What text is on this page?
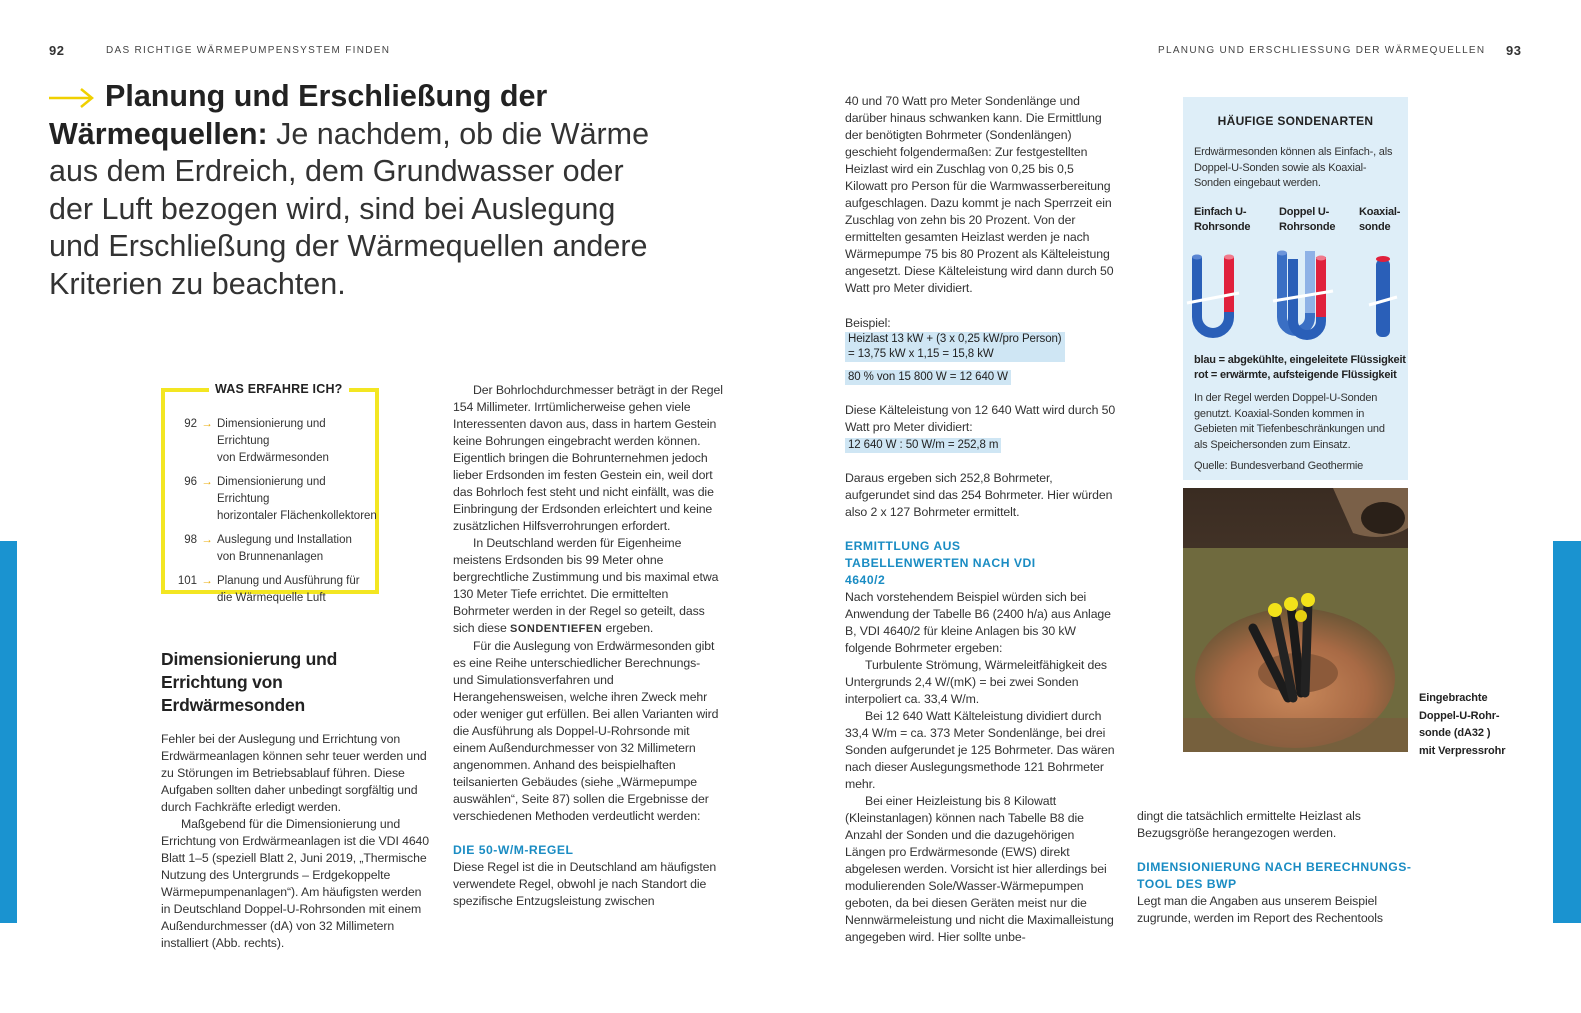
92	DAS RICHTIGE WÄRMEPUMPENSYSTEM FINDEN	PLANUNG UND ERSCHLIESSUNG DER WÄRMEQUELLEN 93
Planung und Erschließung der Wärmequellen: Je nachdem, ob die Wärme aus dem Erdreich, dem Grundwasser oder der Luft bezogen wird, sind bei Auslegung und Erschließung der Wärmequellen andere Kriterien zu beachten.
WAS ERFAHRE ICH?
92 → Dimensionierung und Errichtung
von Erdwärmesonden
96 → Dimensionierung und Errichtung
horizontaler Flächenkollektoren
98 → Auslegung und Installation
von Brunnenanlagen
101 → Planung und Ausführung für
die Wärmequelle Luft
Dimensionierung und Errichtung von Erdwärmesonden

Fehler bei der Auslegung und Errichtung von Erdwärmeanlagen können sehr teuer werden und zu Störungen im Betriebsablauf führen. Diese Aufgaben sollten daher unbedingt sorgfältig und durch Fachkräfte erledigt werden.

Maßgebend für die Dimensionierung und Errichtung von Erdwärmeanlagen ist die VDI 4640 Blatt 1–5 (speziell Blatt 2, Juni 2019, „Thermische Nutzung des Untergrunds – Erdgekoppelte Wärmepumpenanlagen“). Am häufigsten werden in Deutschland Doppel-U-Rohrsonden mit einem Außendurchmesser (dA) von 32 Millimetern installiert (Abb. rechts).

Der Bohrlochdurchmesser beträgt in der Regel 154 Millimeter. Irrtümlicherweise gehen viele Interessenten davon aus, dass in hartem Gestein keine Bohrungen eingebracht werden können. Eigentlich bringen die Bohrunternehmen jedoch lieber Erdsonden im festen Gestein ein, weil dort das Bohrloch fest steht und nicht einfällt, was die Einbringung der Erdsonden erleichtert und keine zusätzlichen Hilfsverrohrungen erfordert.

In Deutschland werden für Eigenheime meistens Erdsonden bis 99 Meter ohne bergrechtliche Zustimmung und bis maximal etwa 130 Meter Tiefe errichtet. Die ermittelten Bohrmeter werden in der Regel so geteilt, dass sich diese SONDENTIEFEN ergeben.

Für die Auslegung von Erdwärmesonden gibt es eine Reihe unterschiedlicher Berechnungs- und Simulationsverfahren und Herangehensweisen, welche ihren Zweck mehr oder weniger gut erfüllen. Bei allen Varianten wird die Ausführung als Doppel-U-Rohrsonde mit einem Außendurchmesser von 32 Millimetern angenommen. Anhand des beispielhaften teilsanierten Gebäudes (siehe „Wärmepumpe auswählen“, Seite 87) sollen die Ergebnisse der verschiedenen Methoden verdeutlicht werden:

DIE 50-W/M-REGEL

Diese Regel ist die in Deutschland am häufigsten verwendete Regel, obwohl je nach Standort die spezifische Entzugsleistung zwischen

40 und 70 Watt pro Meter Sondenlänge und darüber hinaus schwanken kann. Die Ermittlung der benötigten Bohrmeter (Sondenlängen) geschieht folgendermaßen: Zur festgestellten Heizlast wird ein Zuschlag von 0,25 bis 0,5 Kilowatt pro Person für die Warmwasserbereitung aufgeschlagen. Dazu kommt je nach Sperrzeit ein Zuschlag von zehn bis 20 Prozent. Von der ermittelten gesamten Heizlast werden je nach Wärmepumpe 75 bis 80 Prozent als Kälteleistung angesetzt. Diese Kälteleistung wird dann durch 50 Watt pro Meter dividiert.

Beispiel:

Heizlast 13 kW + (3 x 0,25 kW/pro Person)
= 13,75 kW x 1,15 = 15,8 kW
80 % von 15 800 W = 12 640 W

Diese Kälteleistung von 12 640 Watt wird durch 50 Watt pro Meter dividiert:

12 640 W : 50 W/m = 252,8 m

Daraus ergeben sich 252,8 Bohrmeter, aufgerundet sind das 254 Bohrmeter. Hier würden also 2 x 127 Bohrmeter ermittelt.

ERMITTLUNG AUS TABELLENWERTEN NACH VDI 4640/2

Nach vorstehendem Beispiel würden sich bei Anwendung der Tabelle B6 (2400 h/a) aus Anlage B, VDI 4640/2 für kleine Anlagen bis 30 kW folgende Bohrmeter ergeben:

Turbulente Strömung, Wärmeleitfähigkeit des Untergrunds 2,4 W/(mK) = bei zwei Sonden interpoliert ca. 33,4 W/m.

Bei 12 640 Watt Kälteleistung dividiert durch 33,4 W/m = ca. 373 Meter Sondenlänge, bei drei Sonden aufgerundet je 125 Bohrmeter. Das wären nach dieser Auslegungsmethode 121 Bohrmeter mehr.

Bei einer Heizleistung bis 8 Kilowatt (Kleinstanlagen) können nach Tabelle B8 die Anzahl der Sonden und die dazugehörigen Längen pro Erdwärmesonde (EWS) direkt abgelesen werden. Vorsicht ist hier allerdings bei modulierenden Sole/Wasser-Wärmepumpen geboten, da bei diesen Geräten meist nur die Nennwärmeleistung und nicht die Maximalleistung angegeben wird. Hier sollte unbe-

dingt die tatsächlich ermittelte Heizlast als Bezugsgröße herangezogen werden.

DIMENSIONIERUNG NACH BERECHNUNGS-TOOL DES BWP

Legt man die Angaben aus unserem Beispiel zugrunde, werden im Report des Rechentools

HÄUFIGE SONDENARTEN
Erdwärmesonden können als Einfach-, als Doppel-U-Sonden sowie als Koaxial-Sonden eingebaut werden.
Einfach U-Rohrsonde
Doppel U-Rohrsonde
Koaxial-sonde
blau = abgekühlte, eingeleitete Flüssigkeit
rot = erwärmte, aufsteigende Flüssigkeit
In der Regel werden Doppel-U-Sonden genutzt. Koaxial-Sonden kommen in Gebieten mit Tiefenbeschränkungen und als Speichersonden zum Einsatz.
Quelle: Bundesverband Geothermie
Eingebrachte
Doppel-U-Rohr-
sonde (dA32 )
mit Verpressrohr
